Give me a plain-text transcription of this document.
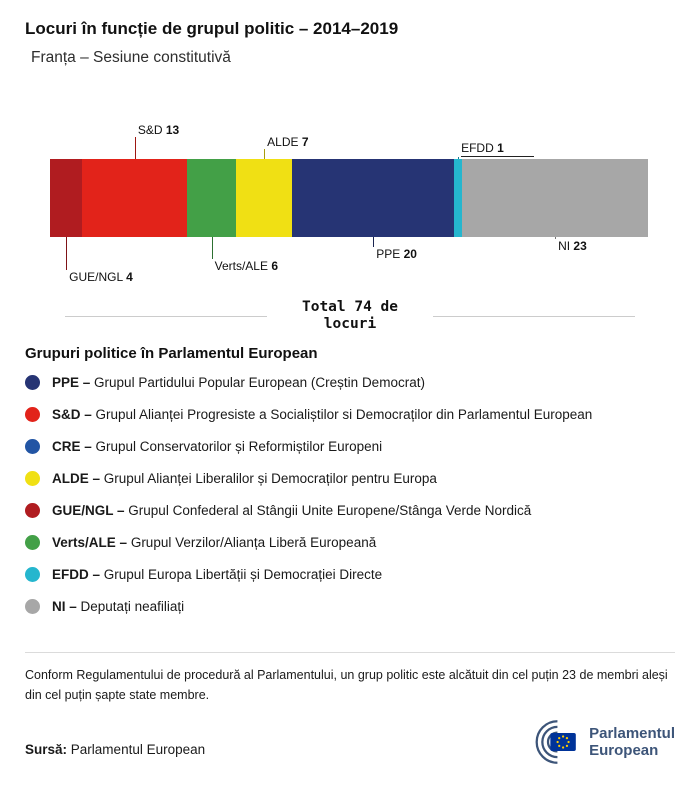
Locuri în funcție de grupul politic – 2014–2019
Franța – Sesiune constitutivă
GUE/NGL 4
S&D 13
Verts/ALE 6
ALDE 7
PPE 20
EFDD 1
NI 23
Total 74 de locuri
Grupuri politice în Parlamentul European
PPE – Grupul Partidului Popular European (Creștin Democrat)
S&D – Grupul Alianței Progresiste a Socialiștilor si Democraților din Parlamentul European
CRE – Grupul Conservatorilor și Reformiștilor Europeni
ALDE – Grupul Alianței Liberalilor și Democraților pentru Europa
GUE/NGL – Grupul Confederal al Stângii Unite Europene/Stânga Verde Nordică
Verts/ALE – Grupul Verzilor/Alianța Liberă Europeană
EFDD – Grupul Europa Libertății și Democrației Directe
NI – Deputați neafiliați

Conform Regulamentului de procedură al Parlamentului, un grup politic este alcătuit din cel puțin 23 de membri aleși din cel puțin șapte state membre.

Sursă: Parlamentul European
Parlamentul
European
